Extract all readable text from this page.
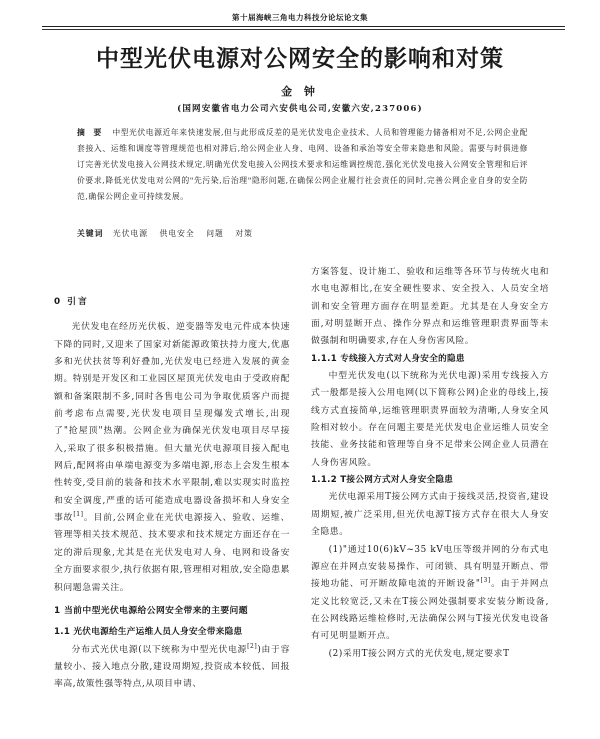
第十届海峡三角电力科技分论坛论文集
中型光伏电源对公网安全的影响和对策
金 钟
(国网安徽省电力公司六安供电公司,安徽六安,237006)
摘 要 中型光伏电源近年来快速发展,但与此形成反差的是光伏发电企业技术、人员和管理能力储备相对不足,公网企业配套接入、运维和调度等管理规范也相对滞后,给公网企业人身、电网、设备和承治等安全带来隐患和风险。需要与时俱进修订完善光伏发电接入公网技术规定,明确光伏发电接入公网技术要求和运维调控规范,强化光伏发电接入公网安全管理和后评价要求,降低光伏发电对公网的"先污染,后治理"隐形问题,在确保公网企业履行社会责任的同时,完善公网企业自身的安全防范,确保公网企业可持续发展。
关键词 光伏电源 供电安全 问题 对策

0 引言

光伏发电在经历光伏板、逆变器等发电元件成本快速下降的同时,又迎来了国家对新能源政策扶持力度大,优惠多和光伏扶贫等利好叠加,光伏发电已经进入发展的黄金期。特别是开发区和工业园区屋顶光伏发电由于受政府配额和备案限制不多,同时各售电公司为争取优质客户而提前考虑布点需要,光伏发电项目呈现爆发式增长,出现了"抢屋顶"热潮。公网企业为确保光伏发电项目尽早接入,采取了很多积极措施。但大量光伏电源项目接入配电网后,配网将由单端电源变为多端电源,形态上会发生根本性转变,受目前的装备和技术水平限制,难以实现实时监控和安全调度,严重的话可能造成电器设备损坏和人身安全事故[1]。目前,公网企业在光伏电源接入、验收、运维、管理等相关技术规范、技术要求和技术规定方面还存在一定的滞后现象,尤其是在光伏发电对人身、电网和设备安全方面要求很少,执行依据有限,管理相对粗放,安全隐患累积问题急需关注。

1 当前中型光伏电源给公网安全带来的主要问题

1.1 光伏电源给生产运维人员人身安全带来隐患

分布式光伏电源(以下统称为中型光伏电源[2])由于容量较小、接入地点分散,建设周期短,投资成本较低、回报率高,故策性强等特点,从项目申请、

方案答复、设计施工、验收和运维等各环节与传统火电和水电电源相比,在安全硬性要求、安全投入、人员安全培训和安全管理方面存在明显差距。尤其是在人身安全方面,对明显断开点、操作分界点和运维管理职责界面等未做强制和明确要求,存在人身伤害风险。

1.1.1 专线接入方式对人身安全的隐患

中型光伏发电(以下统称为光伏电源)采用专线接入方式一般都是接入公用电网(以下简称公网)企业的母线上,接线方式直接简单,运维管理职责界面较为清晰,人身安全风险相对较小。存在问题主要是光伏发电企业运维人员安全技能、业务技能和管理等自身不足带来公网企业人员潜在人身伤害风险。

1.1.2 T接公网方式对人身安全隐患

光伏电源采用T接公网方式由于接线灵活,投资省,建设周期短,被广泛采用,但光伏电源T接方式存在很大人身安全隐患。

(1)"通过10(6)kV~35 kV电压等级并网的分布式电源应在并网点安装易操作、可闭锁、具有明显开断点、带接地功能、可开断故障电流的开断设备"[3]。由于并网点定义比较宽泛,又未在T接公网处强制要求安装分断设备,在公网线路运维检修时,无法确保公网与T接光伏发电设备有可见明显断开点。

(2)采用T接公网方式的光伏发电,规定要求T
